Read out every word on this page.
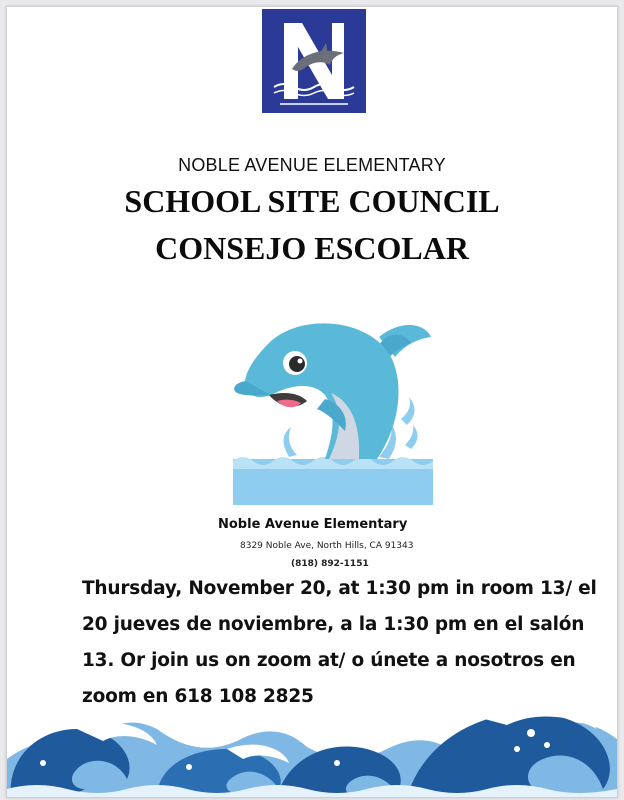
NOBLE AVENUE ELEMENTARY
SCHOOL SITE COUNCIL
CONSEJO ESCOLAR
Noble Avenue Elementary
8329 Noble Ave, North Hills, CA 91343
(818) 892-1151
Thursday, November 20, at 1:30 pm in room 13/ el 20 jueves de noviembre, a la 1:30 pm en el salón 13. Or join us on zoom at/ o únete a nosotros en zoom en 618 108 2825
